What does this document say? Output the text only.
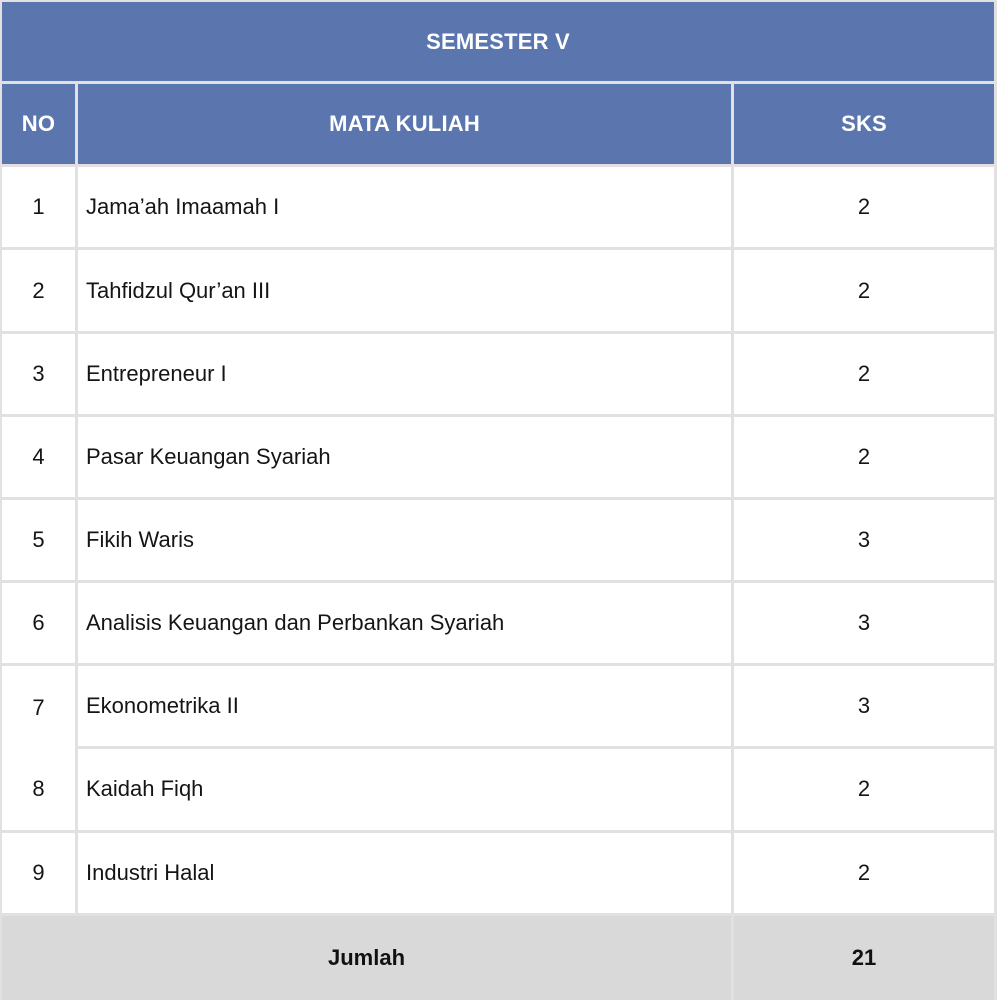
SEMESTER V		
NO	MATA KULIAH	SKS
1	Jama’ah Imaamah I	2
2	Tahfidzul Qur’an III	2
3	Entrepreneur I	2
4	Pasar Keuangan Syariah	2
5	Fikih Waris	3
6	Analisis Keuangan dan Perbankan Syariah	3
7	Ekonometrika II	3
8	Kaidah Fiqh	2
9	Industri Halal	2
Jumlah		21
